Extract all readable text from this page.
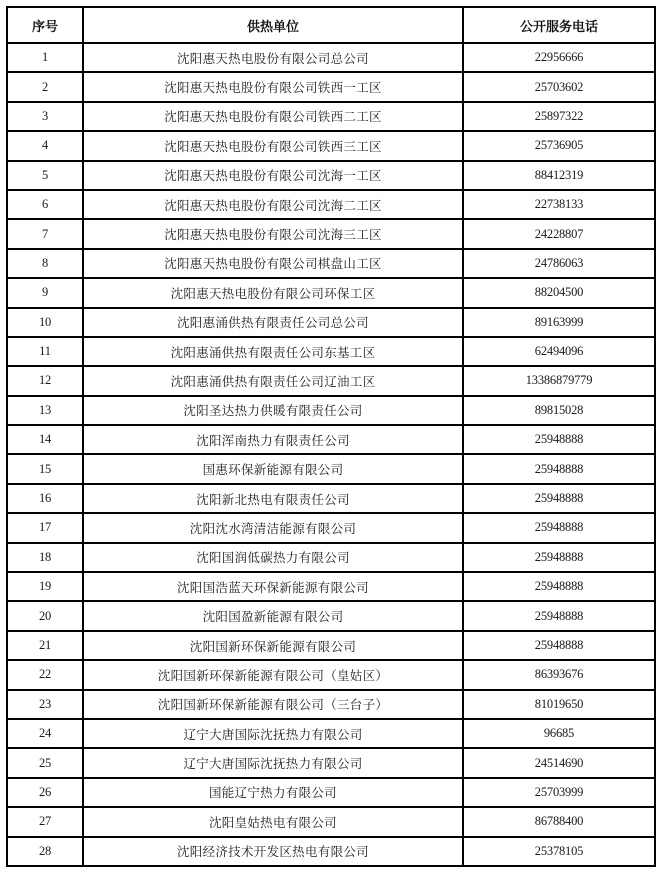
序号	供热单位	公开服务电话
1	沈阳惠天热电股份有限公司总公司	22956666
2	沈阳惠天热电股份有限公司铁西一工区	25703602
3	沈阳惠天热电股份有限公司铁西二工区	25897322
4	沈阳惠天热电股份有限公司铁西三工区	25736905
5	沈阳惠天热电股份有限公司沈海一工区	88412319
6	沈阳惠天热电股份有限公司沈海二工区	22738133
7	沈阳惠天热电股份有限公司沈海三工区	24228807
8	沈阳惠天热电股份有限公司棋盘山工区	24786063
9	沈阳惠天热电股份有限公司环保工区	88204500
10	沈阳惠涌供热有限责任公司总公司	89163999
11	沈阳惠涌供热有限责任公司东基工区	62494096
12	沈阳惠涌供热有限责任公司辽油工区	13386879779
13	沈阳圣达热力供暖有限责任公司	89815028
14	沈阳浑南热力有限责任公司	25948888
15	国惠环保新能源有限公司	25948888
16	沈阳新北热电有限责任公司	25948888
17	沈阳沈水湾清洁能源有限公司	25948888
18	沈阳国润低碳热力有限公司	25948888
19	沈阳国浩蓝天环保新能源有限公司	25948888
20	沈阳国盈新能源有限公司	25948888
21	沈阳国新环保新能源有限公司	25948888
22	沈阳国新环保新能源有限公司（皇姑区）	86393676
23	沈阳国新环保新能源有限公司（三台子）	81019650
24	辽宁大唐国际沈抚热力有限公司	96685
25	辽宁大唐国际沈抚热力有限公司	24514690
26	国能辽宁热力有限公司	25703999
27	沈阳皇姑热电有限公司	86788400
28	沈阳经济技术开发区热电有限公司	25378105
